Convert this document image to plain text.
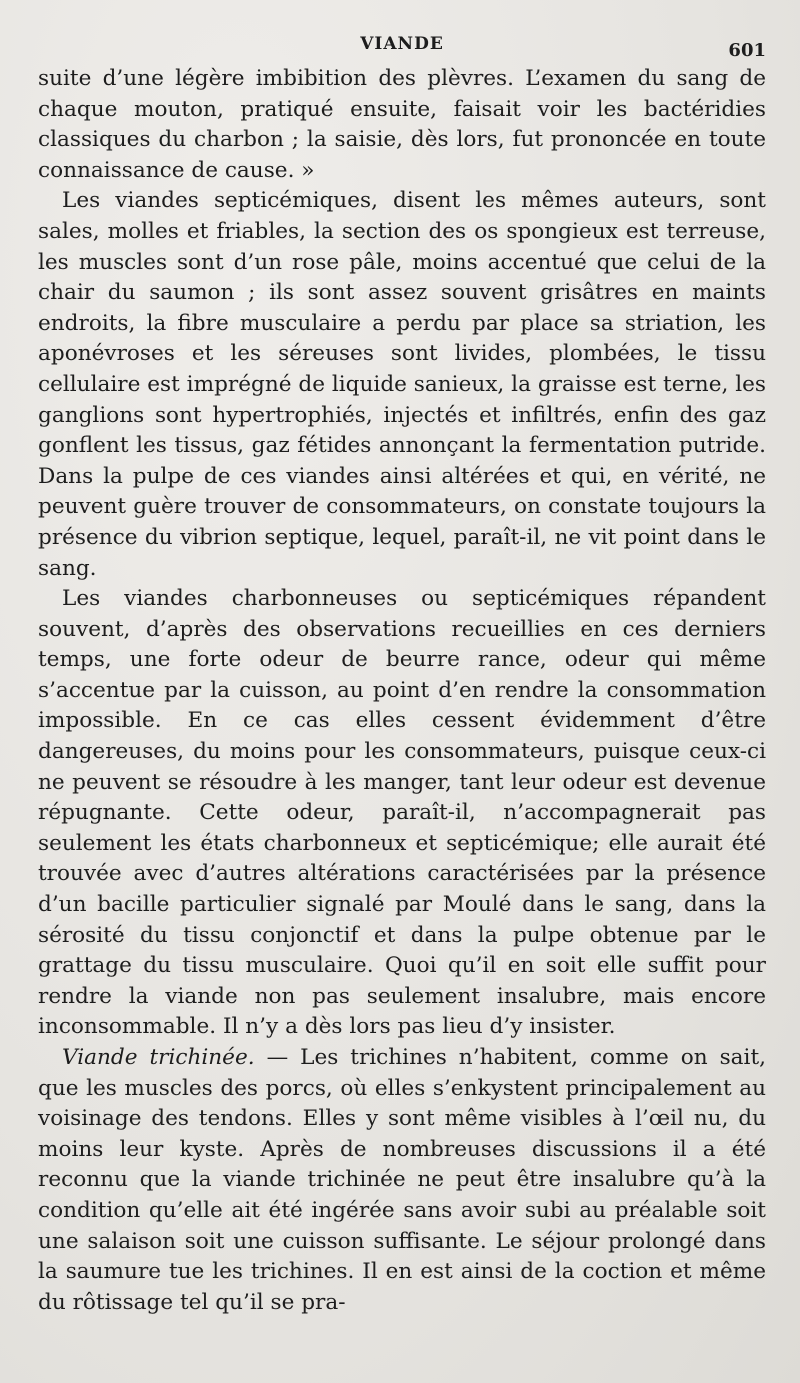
VIANDE	601

suite d’une légère imbibition des plèvres. L’examen du sang de chaque mouton, pratiqué ensuite, faisait voir les bactéridies classiques du charbon ; la saisie, dès lors, fut prononcée en toute connaissance de cause. »

Les viandes septicémiques, disent les mêmes auteurs, sont sales, molles et friables, la section des os spongieux est terreuse, les muscles sont d’un rose pâle, moins accentué que celui de la chair du saumon ; ils sont assez souvent grisâtres en maints endroits, la fibre musculaire a perdu par place sa striation, les aponévroses et les séreuses sont livides, plombées, le tissu cellulaire est imprégné de liquide sanieux, la graisse est terne, les ganglions sont hypertrophiés, injectés et infiltrés, enfin des gaz gonflent les tissus, gaz fétides annonçant la fermentation putride. Dans la pulpe de ces viandes ainsi altérées et qui, en vérité, ne peuvent guère trouver de consommateurs, on constate toujours la présence du vibrion septique, lequel, paraît-il, ne vit point dans le sang.

Les viandes charbonneuses ou septicémiques répandent souvent, d’après des observations recueillies en ces derniers temps, une forte odeur de beurre rance, odeur qui même s’accentue par la cuisson, au point d’en rendre la consommation impossible. En ce cas elles cessent évidemment d’être dangereuses, du moins pour les consommateurs, puisque ceux-ci ne peuvent se résoudre à les manger, tant leur odeur est devenue répugnante. Cette odeur, paraît-il, n’accompagnerait pas seulement les états charbonneux et septicémique; elle aurait été trouvée avec d’autres altérations caractérisées par la présence d’un bacille particulier signalé par Moulé dans le sang, dans la sérosité du tissu conjonctif et dans la pulpe obtenue par le grattage du tissu musculaire. Quoi qu’il en soit elle suffit pour rendre la viande non pas seulement insalubre, mais encore inconsommable. Il n’y a dès lors pas lieu d’y insister.

Viande trichinée. — Les trichines n’habitent, comme on sait, que les muscles des porcs, où elles s’enkystent principalement au voisinage des tendons. Elles y sont même visibles à l’œil nu, du moins leur kyste. Après de nombreuses discussions il a été reconnu que la viande trichinée ne peut être insalubre qu’à la condition qu’elle ait été ingérée sans avoir subi au préalable soit une salaison soit une cuisson suffisante. Le séjour prolongé dans la saumure tue les trichines. Il en est ainsi de la coction et même du rôtissage tel qu’il se pra-
